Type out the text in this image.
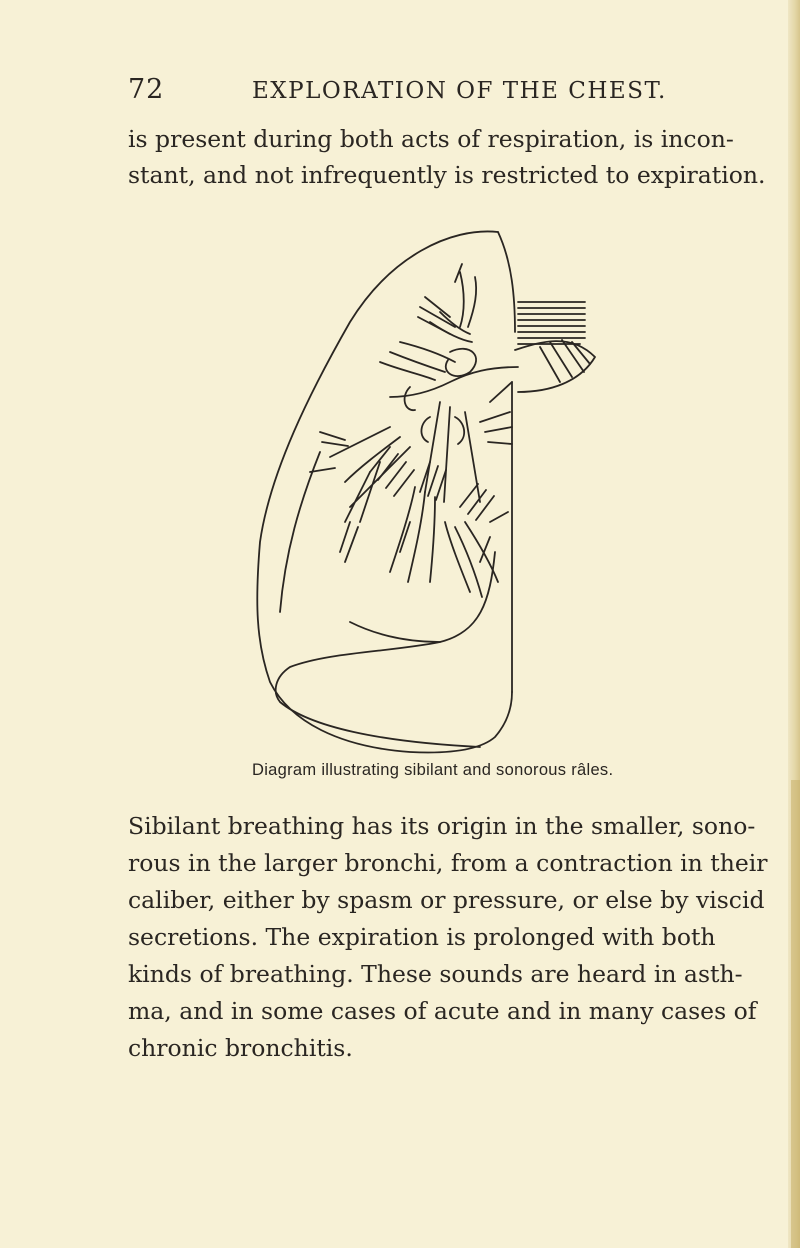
72	EXPLORATION OF THE CHEST.
is present during both acts of respiration, is incon-
stant, and not infrequently is restricted to expiration.
Diagram illustrating sibilant and sonorous râles.
Sibilant breathing has its origin in the smaller, sono-
rous in the larger bronchi, from a contraction in their
caliber, either by spasm or pressure, or else by viscid
secretions. The expiration is prolonged with both
kinds of breathing. These sounds are heard in asth-
ma, and in some cases of acute and in many cases of
chronic bronchitis.
